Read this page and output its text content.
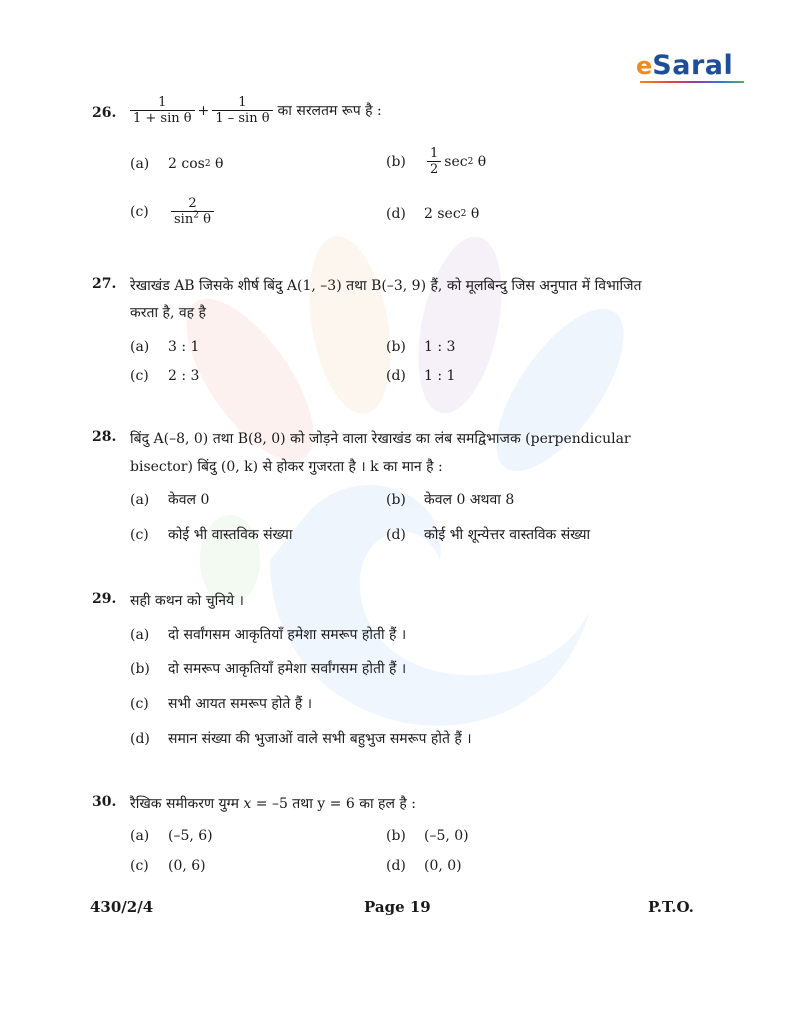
e Saral
26. $\frac{1}{\text{1 + sin θ}} + \frac{1}{\text{1 – sin θ}}$ का सरलतम रूप है :
(a)	2 cos 2
θ	(b)	$\frac{1}{2}$ sec 2
θ
(c)	$\frac{2}{\sin^2 \theta}$	(d)	2 sec 2
θ
27. रेखाखंड AB जिसके शीर्ष बिंदु A(1, –3) तथा B(–3, 9) हैं, को मूलबिन्दु जिस अनुपात में विभाजित
करता है, वह है
(a)	3 : 1	(b)	1 : 3
(c)	2 : 3	(d)	1 : 1
28. बिंदु A(–8, 0) तथा B(8, 0) को जोड़ने वाला रेखाखंड का लंब समद्विभाजक (perpendicular
bisector) बिंदु (0, k) से होकर गुजरता है । k का मान है :
(a)	केवल 0	(b)	केवल 0 अथवा 8
(c)	कोई भी वास्तविक संख्या	(d)	कोई भी शून्येत्तर वास्तविक संख्या
29. सही कथन को चुनिये ।
(a)	दो सर्वांगसम आकृतियाँ हमेशा समरूप होती हैं ।
(b)	दो समरूप आकृतियाँ हमेशा सर्वांगसम होती हैं ।
(c)	सभी आयत समरूप होते हैं ।
(d)	समान संख्या की भुजाओं वाले सभी बहुभुज समरूप होते हैं ।
30. रैखिक समीकरण युग्म x = –5 तथा y = 6 का हल है :
(a)	(–5, 6)	(b)	(–5, 0)
(c)	(0, 6)	(d)	(0, 0)
430/2/4	Page 19	P.T.O.
